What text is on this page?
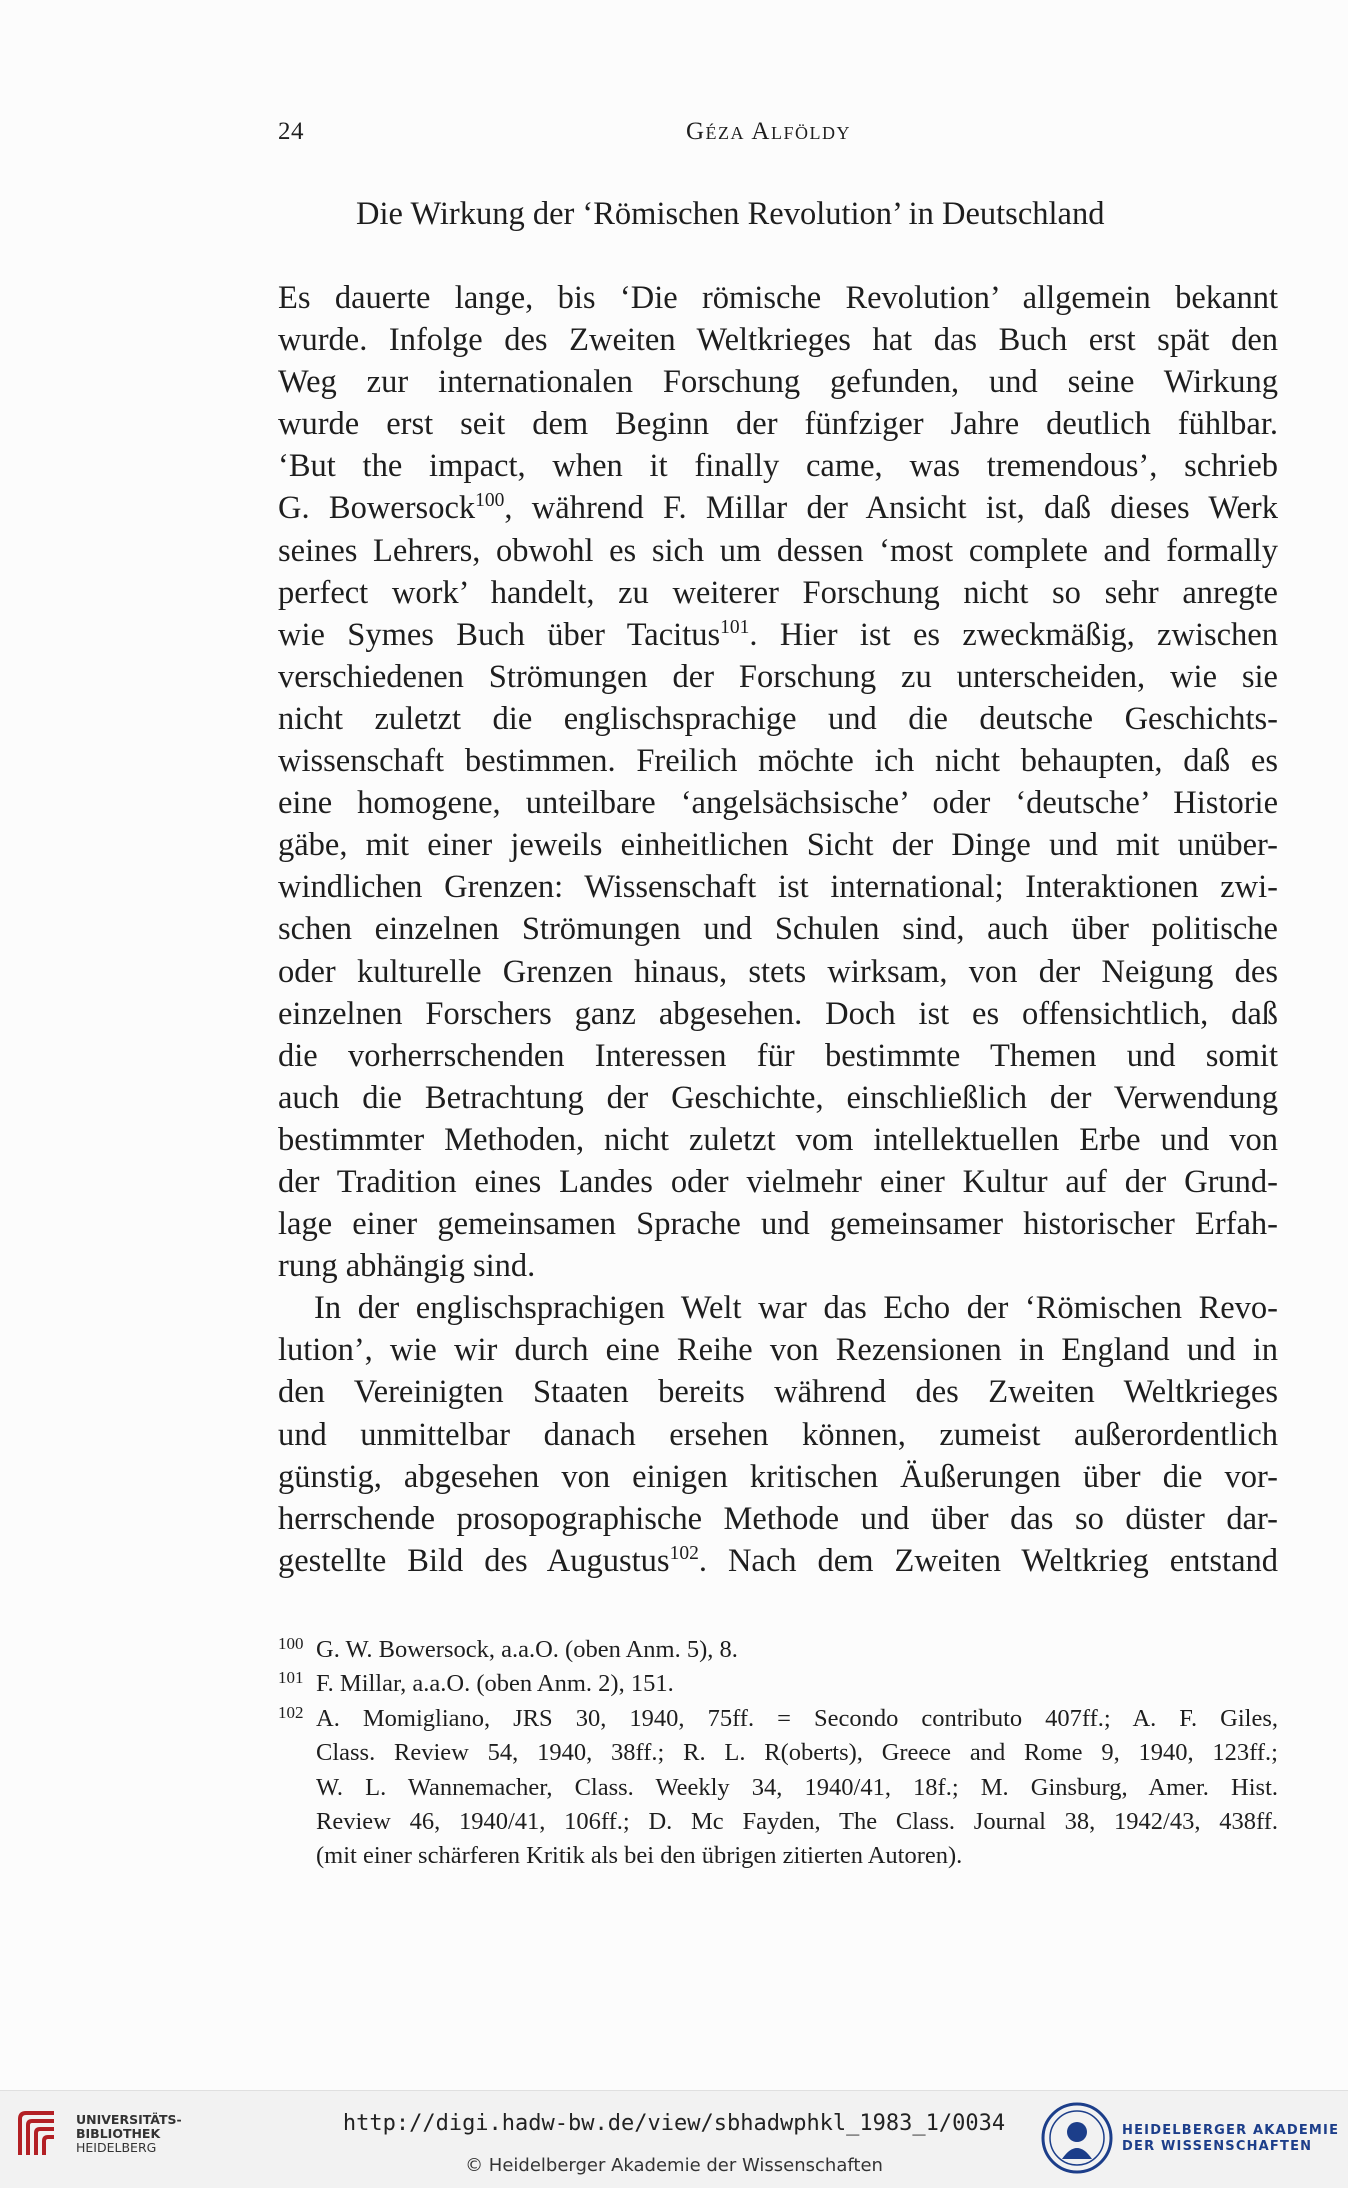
24	Géza Alföldy
Die Wirkung der ‘Römischen Revolution’ in Deutschland
Es dauerte lange, bis ‘Die römische Revolution’ allgemein bekannt
wurde. Infolge des Zweiten Weltkrieges hat das Buch erst spät den
Weg zur internationalen Forschung gefunden, und seine Wirkung
wurde erst seit dem Beginn der fünfziger Jahre deutlich fühlbar.
‘But the impact, when it finally came, was tremendous’, schrieb
G. Bowersock$^{100}$, während F. Millar der Ansicht ist, daß dieses Werk
seines Lehrers, obwohl es sich um dessen ‘most complete and formally
perfect work’ handelt, zu weiterer Forschung nicht so sehr anregte
wie Symes Buch über Tacitus$^{101}$. Hier ist es zweckmäßig, zwischen
verschiedenen Strömungen der Forschung zu unterscheiden, wie sie
nicht zuletzt die englischsprachige und die deutsche Geschichts-
wissenschaft bestimmen. Freilich möchte ich nicht behaupten, daß es
eine homogene, unteilbare ‘angelsächsische’ oder ‘deutsche’ Historie
gäbe, mit einer jeweils einheitlichen Sicht der Dinge und mit unüber-
windlichen Grenzen: Wissenschaft ist international; Interaktionen zwi-
schen einzelnen Strömungen und Schulen sind, auch über politische
oder kulturelle Grenzen hinaus, stets wirksam, von der Neigung des
einzelnen Forschers ganz abgesehen. Doch ist es offensichtlich, daß
die vorherrschenden Interessen für bestimmte Themen und somit
auch die Betrachtung der Geschichte, einschließlich der Verwendung
bestimmter Methoden, nicht zuletzt vom intellektuellen Erbe und von
der Tradition eines Landes oder vielmehr einer Kultur auf der Grund-
lage einer gemeinsamen Sprache und gemeinsamer historischer Erfah-
rung abhängig sind.
In der englischsprachigen Welt war das Echo der ‘Römischen Revo-
lution’, wie wir durch eine Reihe von Rezensionen in England und in
den Vereinigten Staaten bereits während des Zweiten Weltkrieges
und unmittelbar danach ersehen können, zumeist außerordentlich
günstig, abgesehen von einigen kritischen Äußerungen über die vor-
herrschende prosopographische Methode und über das so düster dar-
gestellte Bild des Augustus$^{102}$. Nach dem Zweiten Weltkrieg entstand
100 G. W. Bowersock, a.a.O. (oben Anm. 5), 8.
101 F. Millar, a.a.O. (oben Anm. 2), 151.
102 A. Momigliano, JRS 30, 1940, 75ff. = Secondo contributo 407ff.; A. F. Giles,
Class. Review 54, 1940, 38ff.; R. L. R(oberts), Greece and Rome 9, 1940, 123ff.;
W. L. Wannemacher, Class. Weekly 34, 1940/41, 18f.; M. Ginsburg, Amer. Hist.
Review 46, 1940/41, 106ff.; D. Mc Fayden, The Class. Journal 38, 1942/43, 438ff.
(mit einer schärferen Kritik als bei den übrigen zitierten Autoren).
UNIVERSITÄTS-
BIBLIOTHEK
HEIDELBERG
http://digi.hadw-bw.de/view/sbhadwphkl_1983_1/0034
© Heidelberger Akademie der Wissenschaften
HEIDELBERGER AKADEMIE
DER WISSENSCHAFTEN
